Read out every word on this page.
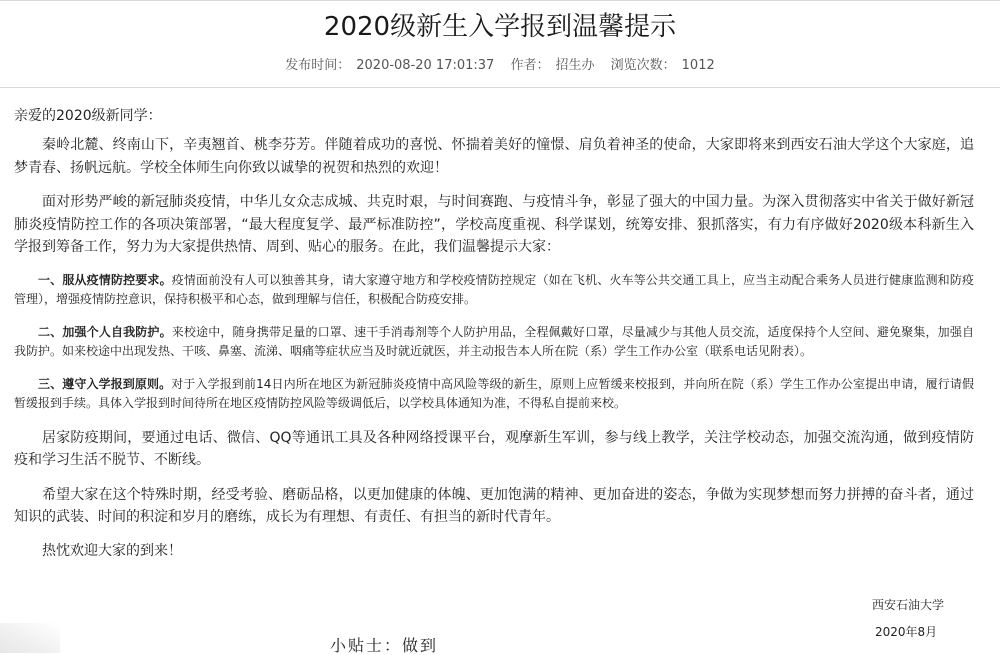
2020级新生入学报到温馨提示
发布时间： 2020-08-20 17:01:37 作者： 招生办 浏览次数： 1012

亲爱的2020级新同学：

秦岭北麓、终南山下，辛夷翘首、桃李芬芳。伴随着成功的喜悦、怀揣着美好的憧憬、肩负着神圣的使命，大家即将来到西安石油大学这个大家庭，追梦青春、扬帆远航。学校全体师生向你致以诚挚的祝贺和热烈的欢迎！

面对形势严峻的新冠肺炎疫情，中华儿女众志成城、共克时艰，与时间赛跑、与疫情斗争，彰显了强大的中国力量。为深入贯彻落实中省关于做好新冠肺炎疫情防控工作的各项决策部署，“最大程度复学、最严标准防控”，学校高度重视、科学谋划，统筹安排、狠抓落实，有力有序做好2020级本科新生入学报到筹备工作，努力为大家提供热情、周到、贴心的服务。在此，我们温馨提示大家：

一、服从疫情防控要求。疫情面前没有人可以独善其身，请大家遵守地方和学校疫情防控规定（如在飞机、火车等公共交通工具上，应当主动配合乘务人员进行健康监测和防疫管理），增强疫情防控意识，保持积极平和心态，做到理解与信任，积极配合防疫安排。

二、加强个人自我防护。来校途中，随身携带足量的口罩、速干手消毒剂等个人防护用品，全程佩戴好口罩，尽量减少与其他人员交流，适度保持个人空间、避免聚集，加强自我防护。如来校途中出现发热、干咳、鼻塞、流涕、咽痛等症状应当及时就近就医，并主动报告本人所在院（系）学生工作办公室（联系电话见附表）。

三、遵守入学报到原则。对于入学报到前14日内所在地区为新冠肺炎疫情中高风险等级的新生，原则上应暂缓来校报到，并向所在院（系）学生工作办公室提出申请，履行请假暂缓报到手续。具体入学报到时间待所在地区疫情防控风险等级调低后，以学校具体通知为准，不得私自提前来校。

居家防疫期间，要通过电话、微信、QQ等通讯工具及各种网络授课平台，观摩新生军训，参与线上教学，关注学校动态，加强交流沟通，做到疫情防疫和学习生活不脱节、不断线。

希望大家在这个特殊时期，经受考验、磨砺品格，以更加健康的体魄、更加饱满的精神、更加奋进的姿态，争做为实现梦想而努力拼搏的奋斗者，通过知识的武装、时间的积淀和岁月的磨练，成长为有理想、有责任、有担当的新时代青年。

热忱欢迎大家的到来！

西安石油大学
2020年8月
小贴士：做到
